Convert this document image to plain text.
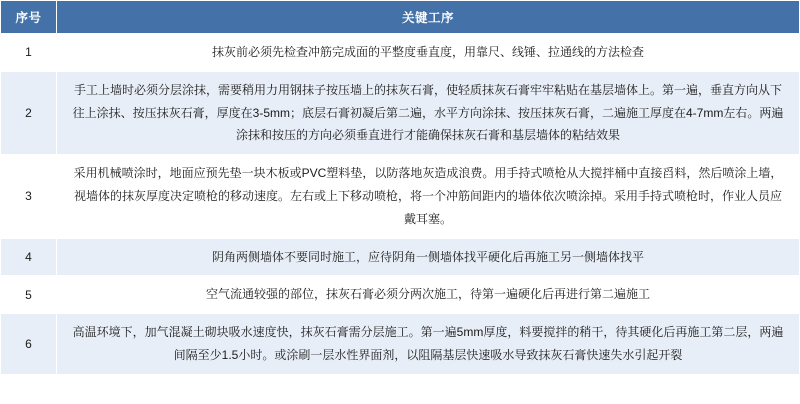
序号	关键工序
1	抹灰前必须先检查冲筋完成面的平整度垂直度，用靠尺、线锤、拉通线的方法检查
2	手工上墙时必须分层涂抹，需要稍用力用钢抹子按压墙上的抹灰石膏，使轻质抹灰石膏牢牢粘贴在基层墙体上。第一遍，垂直方向从下往上涂抹、按压抹灰石膏，厚度在3-5mm；底层石膏初凝后第二遍，水平方向涂抹、按压抹灰石膏，二遍施工厚度在4-7mm左右。两遍涂抹和按压的方向必须垂直进行才能确保抹灰石膏和基层墙体的粘结效果
3	采用机械喷涂时，地面应预先垫一块木板或PVC塑料垫，以防落地灰造成浪费。用手持式喷枪从大搅拌桶中直接舀料，然后喷涂上墙，视墙体的抹灰厚度决定喷枪的移动速度。左右或上下移动喷枪，将一个冲筋间距内的墙体依次喷涂掉。采用手持式喷枪时，作业人员应戴耳塞。
4	阴角两侧墙体不要同时施工，应待阴角一侧墙体找平硬化后再施工另一侧墙体找平
5	空气流通较强的部位，抹灰石膏必须分两次施工，待第一遍硬化后再进行第二遍施工
6	高温环境下，加气混凝土砌块吸水速度快，抹灰石膏需分层施工。第一遍5mm厚度，料要搅拌的稍干，待其硬化后再施工第二层，两遍间隔至少1.5小时。或涂刷一层水性界面剂，以阻隔基层快速吸水导致抹灰石膏快速失水引起开裂
